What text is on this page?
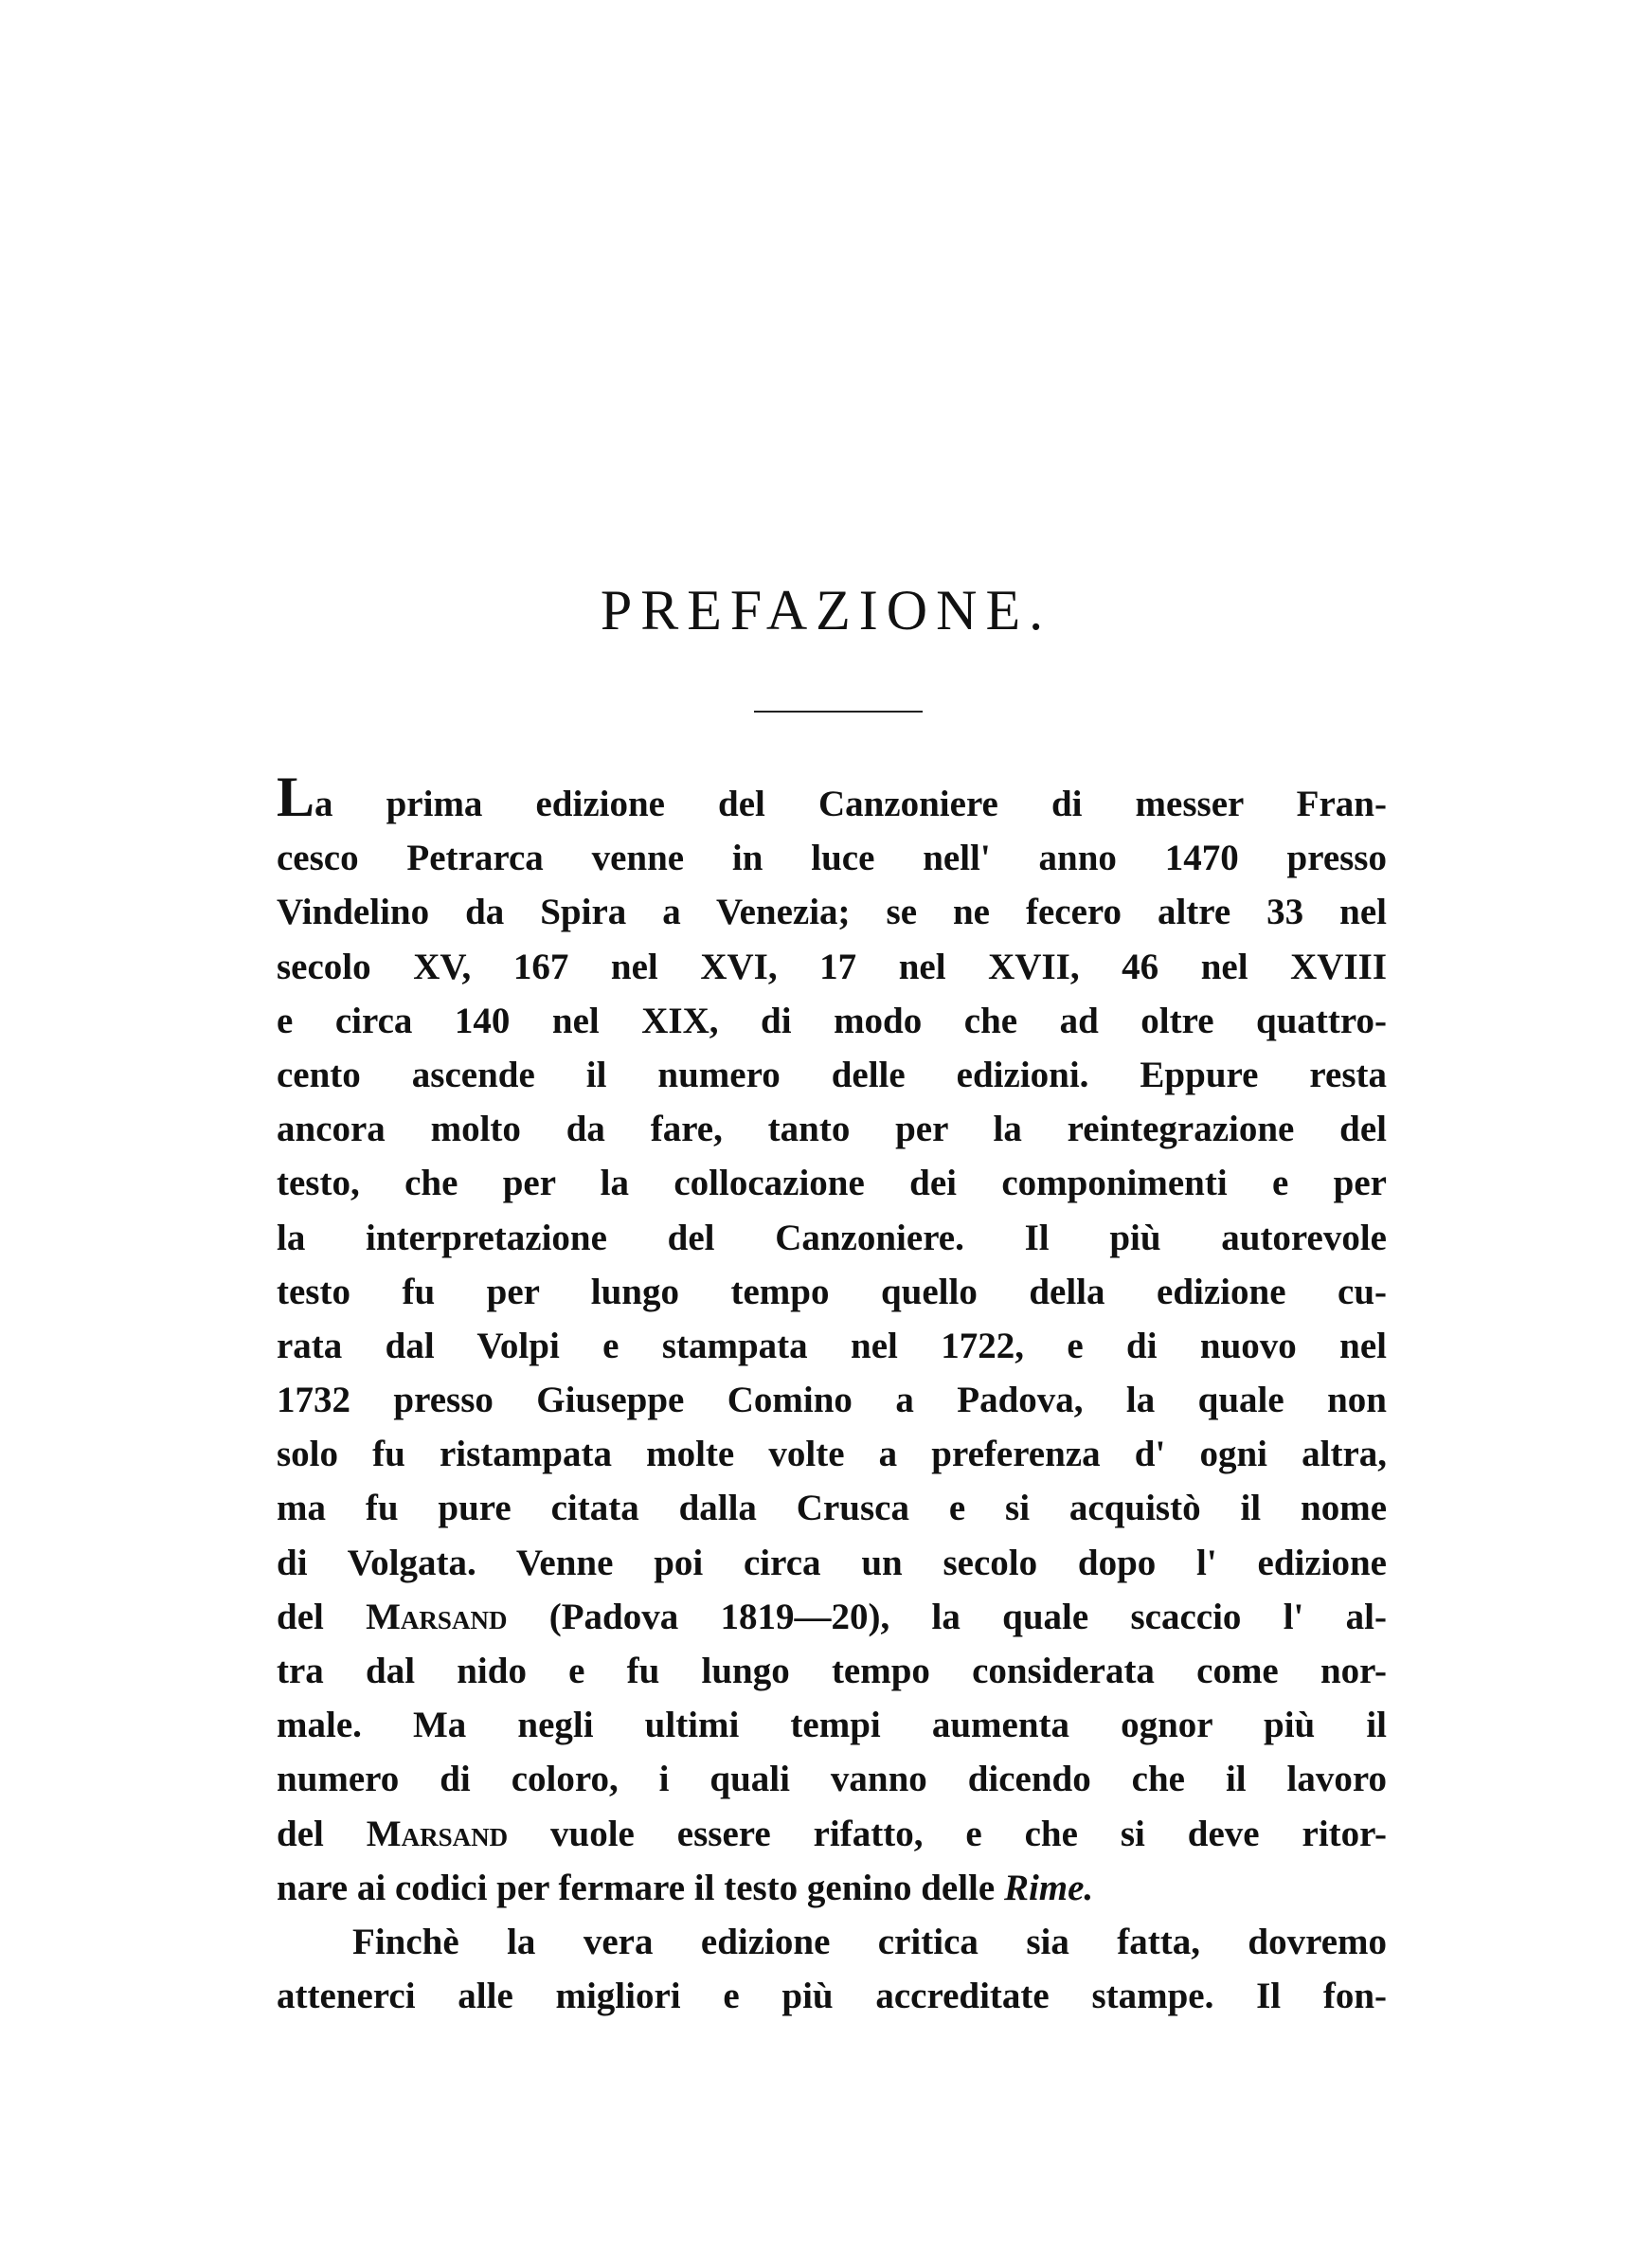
PREFAZIONE.
La prima edizione del Canzoniere di messer Fran-
cesco Petrarca venne in luce nell' anno 1470 presso
Vindelino da Spira a Venezia; se ne fecero altre 33 nel
secolo XV, 167 nel XVI, 17 nel XVII, 46 nel XVIII
e circa 140 nel XIX, di modo che ad oltre quattro-
cento ascende il numero delle edizioni. Eppure resta
ancora molto da fare, tanto per la reintegrazione del
testo, che per la collocazione dei componimenti e per
la interpretazione del Canzoniere. Il più autorevole
testo fu per lungo tempo quello della edizione cu-
rata dal Volpi e stampata nel 1722, e di nuovo nel
1732 presso Giuseppe Comino a Padova, la quale non
solo fu ristampata molte volte a preferenza d' ogni altra,
ma fu pure citata dalla Crusca e si acquistò il nome
di Volgata. Venne poi circa un secolo dopo l' edizione
del Marsand (Padova 1819—20), la quale scaccio l' al-
tra dal nido e fu lungo tempo considerata come nor-
male. Ma negli ultimi tempi aumenta ognor più il
numero di coloro, i quali vanno dicendo che il lavoro
del Marsand vuole essere rifatto, e che si deve ritor-
nare ai codici per fermare il testo genino delle Rime.
Finchè la vera edizione critica sia fatta, dovremo
attenerci alle migliori e più accreditate stampe. Il fon-
